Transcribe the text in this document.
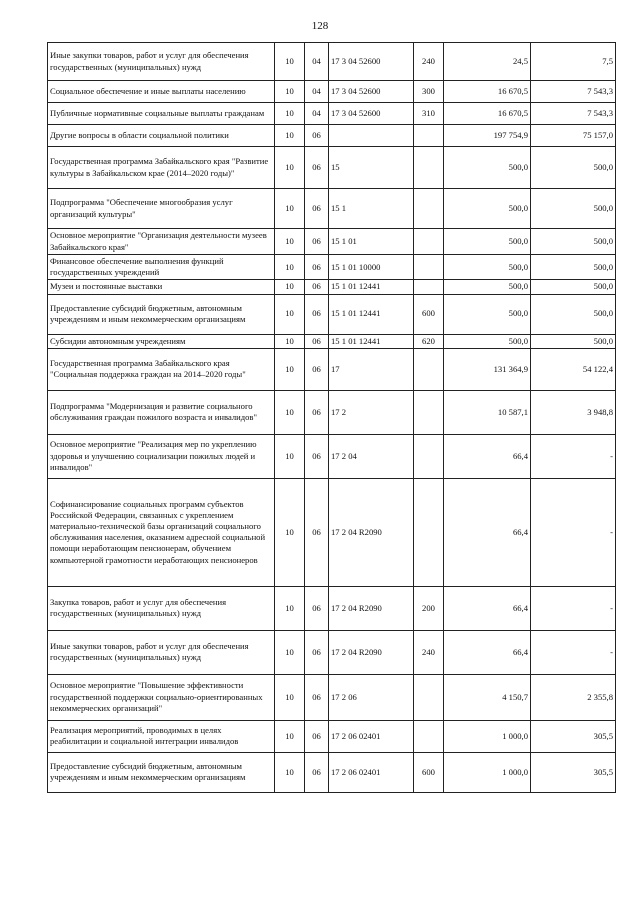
128
Иные закупки товаров, работ и услуг для обеспечения государственных (муниципальных) нужд	10	04	17 3 04 52600	240	24,5	7,5
Социальное обеспечение и иные выплаты населению	10	04	17 3 04 52600	300	16 670,5	7 543,3
Публичные нормативные социальные выплаты гражданам	10	04	17 3 04 52600	310	16 670,5	7 543,3
Другие вопросы в области социальной политики	10	06			197 754,9	75 157,0
Государственная программа Забайкальского края "Развитие культуры в Забайкальском крае (2014–2020 годы)"	10	06	15		500,0	500,0
Подпрограмма "Обеспечение многообразия услуг организаций культуры"	10	06	15 1		500,0	500,0
Основное мероприятие "Организация деятельности музеев Забайкальского края"	10	06	15 1 01		500,0	500,0
Финансовое обеспечение выполнения функций государственных учреждений	10	06	15 1 01 10000		500,0	500,0
Музеи и постоянные выставки	10	06	15 1 01 12441		500,0	500,0
Предоставление субсидий бюджетным, автономным учреждениям и иным некоммерческим организациям	10	06	15 1 01 12441	600	500,0	500,0
Субсидии автономным учреждениям	10	06	15 1 01 12441	620	500,0	500,0
Государственная программа Забайкальского края "Социальная поддержка граждан на 2014–2020 годы"	10	06	17		131 364,9	54 122,4
Подпрограмма "Модернизация и развитие социального обслуживания граждан пожилого возраста и инвалидов"	10	06	17 2		10 587,1	3 948,8
Основное мероприятие "Реализация мер по укреплению здоровья и улучшению социализации пожилых людей и инвалидов"	10	06	17 2 04		66,4	-
Софинансирование социальных программ субъектов Российской Федерации, связанных с укреплением материально-технической базы организаций социального обслуживания населения, оказанием адресной социальной помощи неработающим пенсионерам, обучением компьютерной грамотности неработающих пенсионеров	10	06	17 2 04 R2090		66,4	-
Закупка товаров, работ и услуг для обеспечения государственных (муниципальных) нужд	10	06	17 2 04 R2090	200	66,4	-
Иные закупки товаров, работ и услуг для обеспечения государственных (муниципальных) нужд	10	06	17 2 04 R2090	240	66,4	-
Основное мероприятие "Повышение эффективности государственной поддержки социально-ориентированных некоммерческих организаций"	10	06	17 2 06		4 150,7	2 355,8
Реализация мероприятий, проводимых в целях реабилитации и социальной интеграции инвалидов	10	06	17 2 06 02401		1 000,0	305,5
Предоставление субсидий бюджетным, автономным учреждениям и иным некоммерческим организациям	10	06	17 2 06 02401	600	1 000,0	305,5
